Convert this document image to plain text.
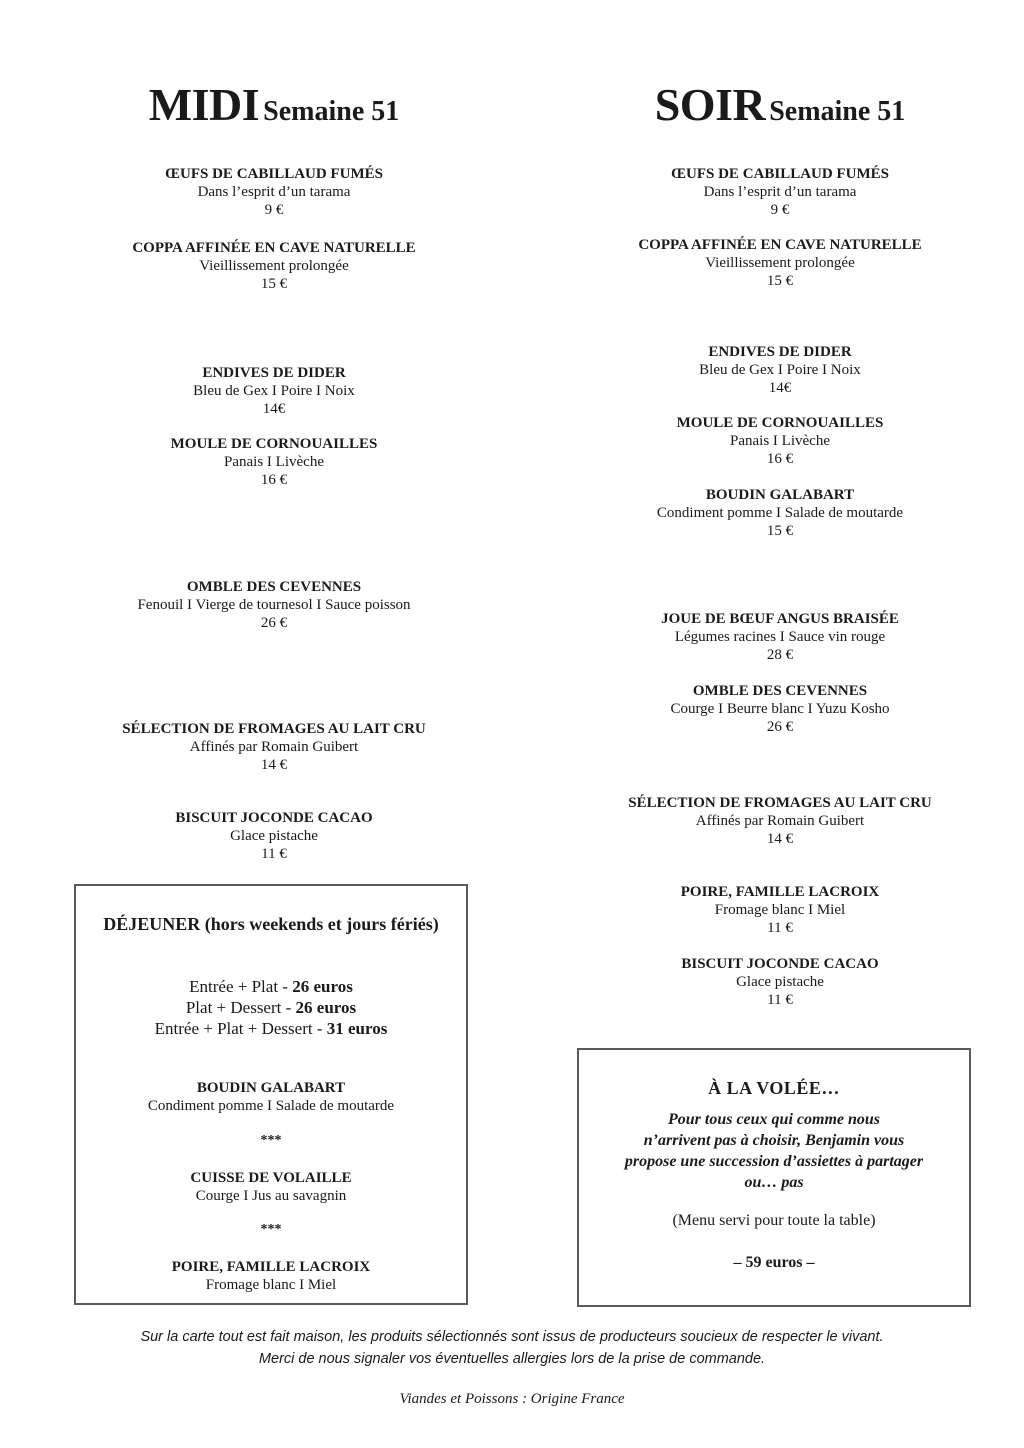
MIDI Semaine 51
ŒUFS DE CABILLAUD FUMÉS
Dans l’esprit d’un tarama
9 €
COPPA AFFINÉE EN CAVE NATURELLE
Vieillissement prolongée
15 €
ENDIVES DE DIDER
Bleu de Gex I Poire I Noix
14€
MOULE DE CORNOUAILLES
Panais I Livèche
16 €
OMBLE DES CEVENNES
Fenouil I Vierge de tournesol I Sauce poisson
26 €
SÉLECTION DE FROMAGES AU LAIT CRU
Affinés par Romain Guibert
14 €
BISCUIT JOCONDE CACAO
Glace pistache
11 €
SOIR Semaine 51
ŒUFS DE CABILLAUD FUMÉS
Dans l’esprit d’un tarama
9 €
COPPA AFFINÉE EN CAVE NATURELLE
Vieillissement prolongée
15 €
ENDIVES DE DIDER
Bleu de Gex I Poire I Noix
14€
MOULE DE CORNOUAILLES
Panais I Livèche
16 €
BOUDIN GALABART
Condiment pomme I Salade de moutarde
15 €
JOUE DE BŒUF ANGUS BRAISÉE
Légumes racines I Sauce vin rouge
28 €
OMBLE DES CEVENNES
Courge I Beurre blanc I Yuzu Kosho
26 €
SÉLECTION DE FROMAGES AU LAIT CRU
Affinés par Romain Guibert
14 €
POIRE, FAMILLE LACROIX
Fromage blanc I Miel
11 €
BISCUIT JOCONDE CACAO
Glace pistache
11 €
DÉJEUNER (hors weekends et jours fériés)
Entrée + Plat - 26 euros
Plat + Dessert - 26 euros
Entrée + Plat + Dessert - 31 euros
BOUDIN GALABART
Condiment pomme I Salade de moutarde
***
CUISSE DE VOLAILLE
Courge I Jus au savagnin
***
POIRE, FAMILLE LACROIX
Fromage blanc I Miel
À LA VOLÉE…
Pour tous ceux qui comme nous
n’arrivent pas à choisir, Benjamin vous
propose une succession d’assiettes à partager
ou… pas
(Menu servi pour toute la table)
– 59 euros –
Sur la carte tout est fait maison, les produits sélectionnés sont issus de producteurs soucieux de respecter le vivant.
Merci de nous signaler vos éventuelles allergies lors de la prise de commande.
Viandes et Poissons : Origine France
